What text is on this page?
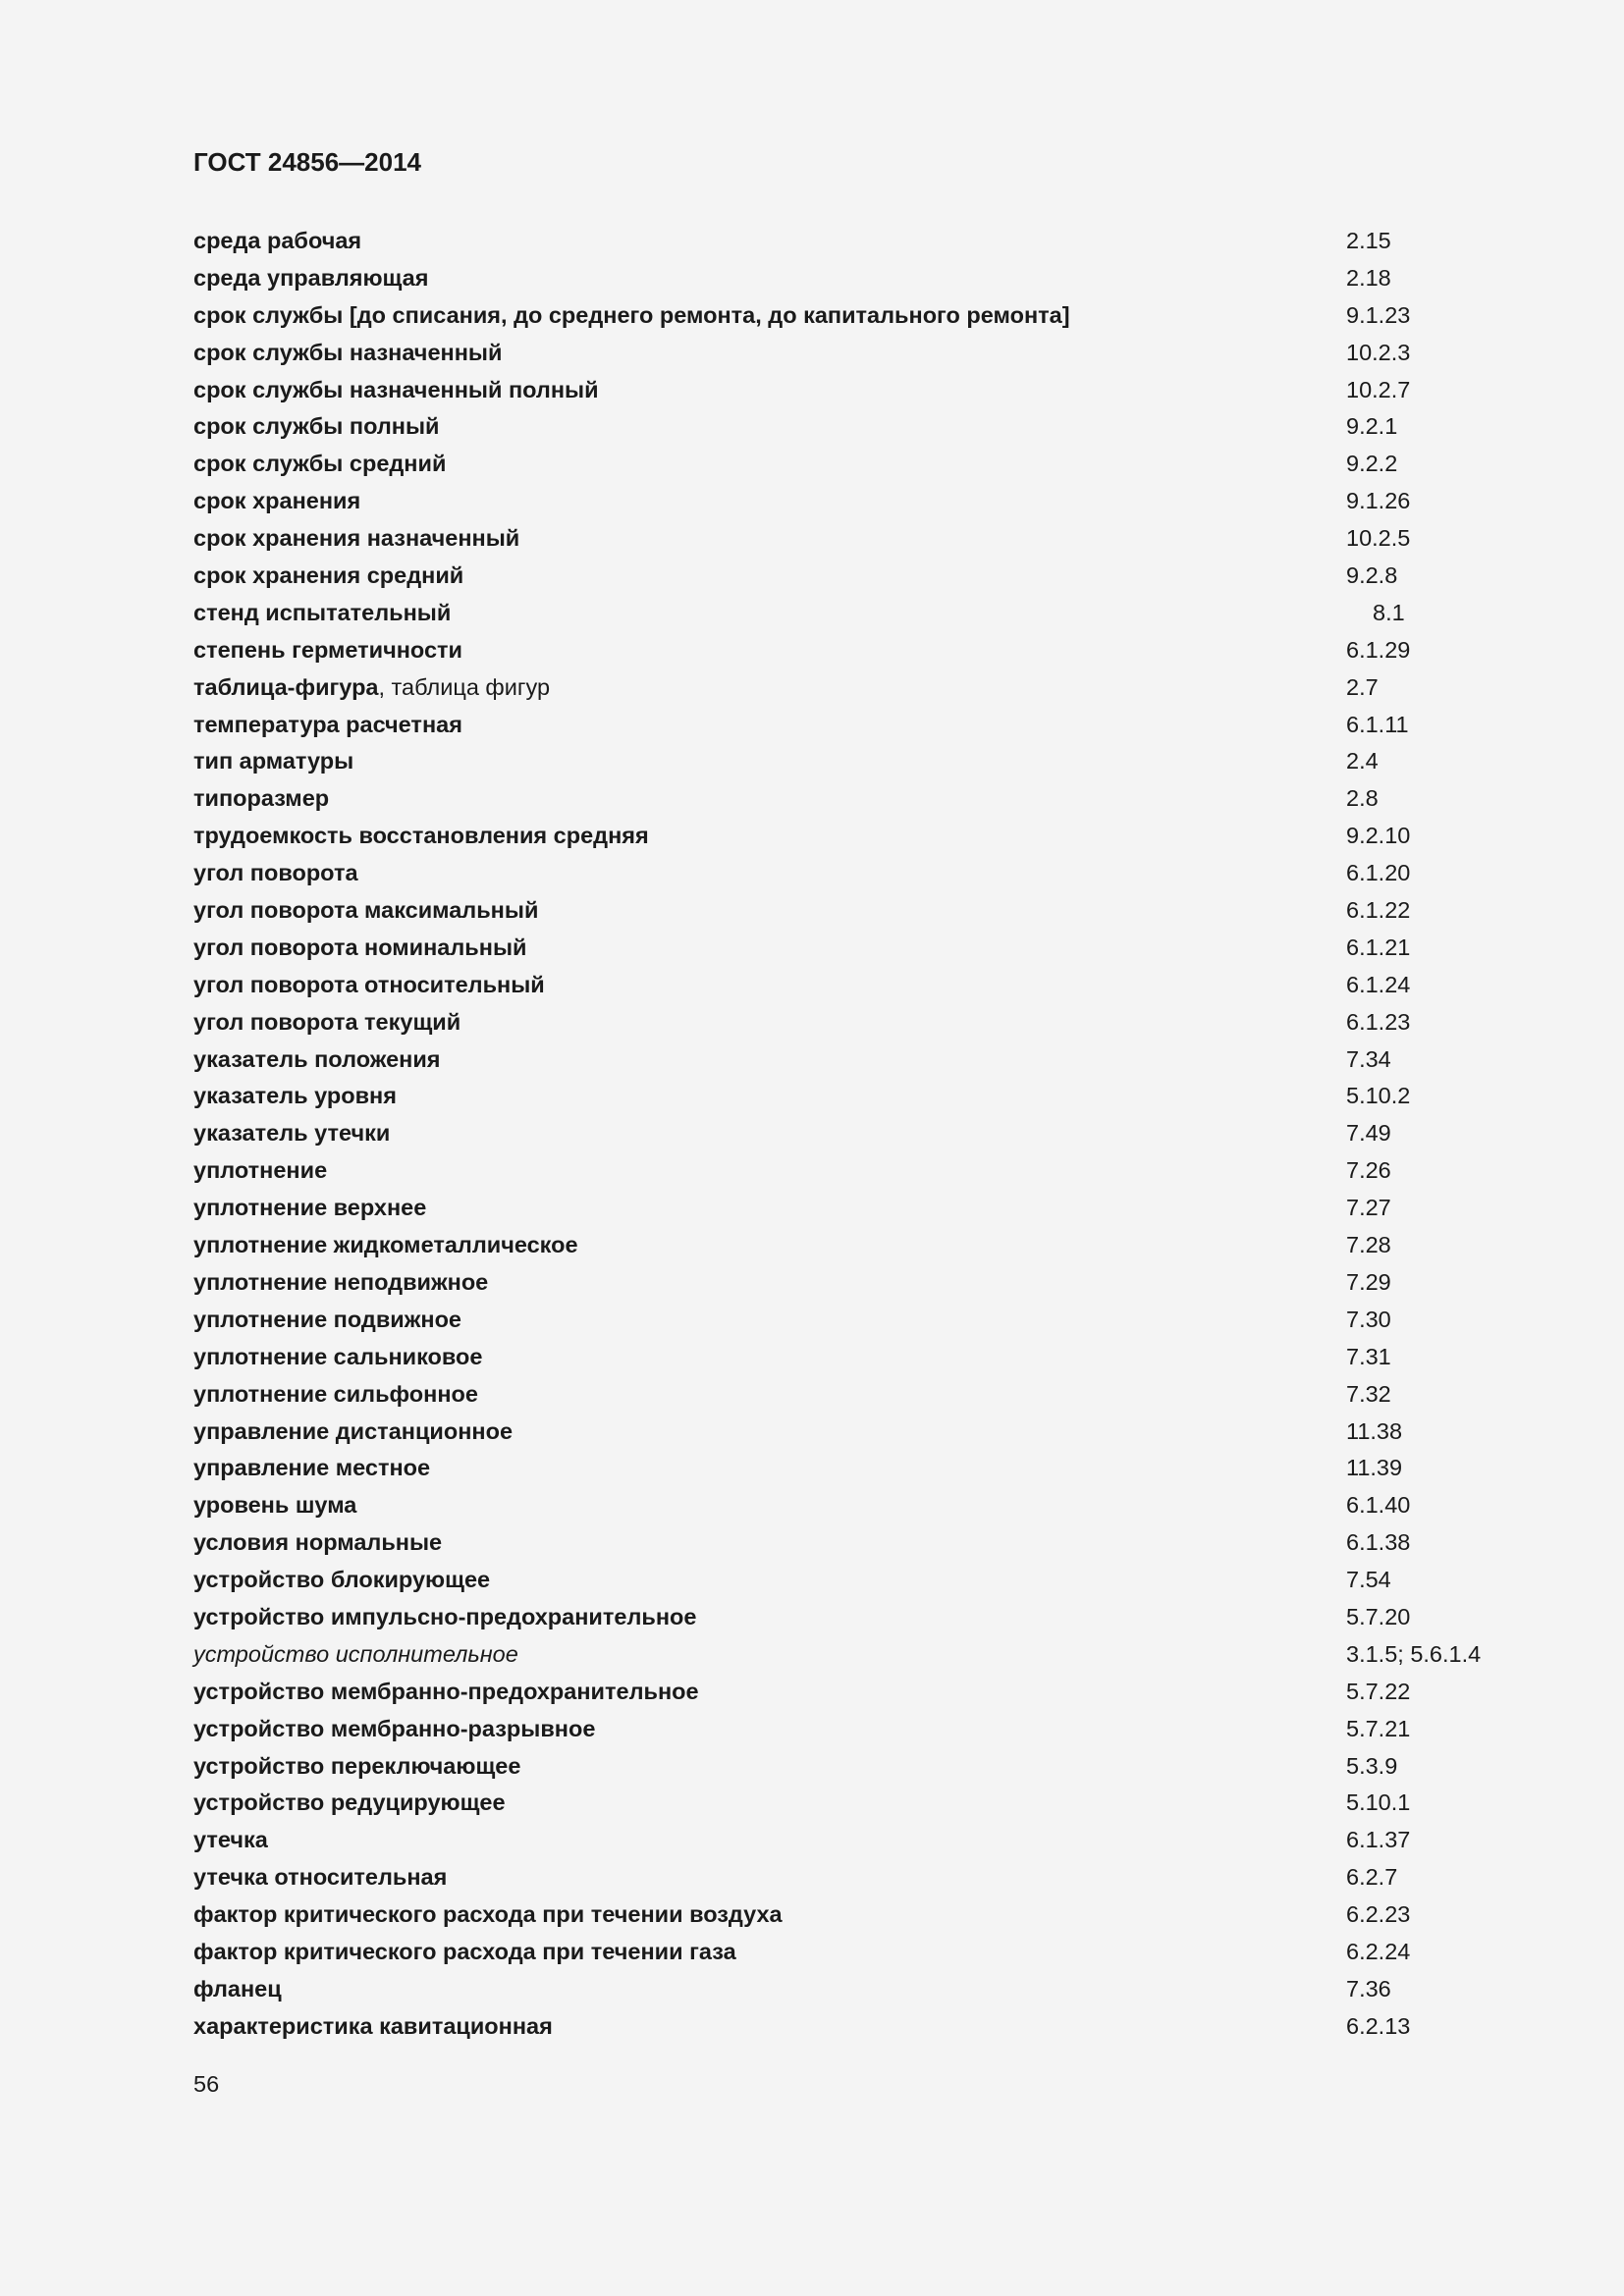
ГОСТ 24856—2014
среда рабочая	2.15
среда управляющая	2.18
срок службы [до списания, до среднего ремонта, до капитального ремонта]	9.1.23
срок службы назначенный	10.2.3
срок службы назначенный полный	10.2.7
срок службы полный	9.2.1
срок службы средний	9.2.2
срок хранения	9.1.26
срок хранения назначенный	10.2.5
срок хранения средний	9.2.8
стенд испытательный	8.1
степень герметичности	6.1.29
таблица-фигура, таблица фигур	2.7
температура расчетная	6.1.11
тип арматуры	2.4
типоразмер	2.8
трудоемкость восстановления средняя	9.2.10
угол поворота	6.1.20
угол поворота максимальный	6.1.22
угол поворота номинальный	6.1.21
угол поворота относительный	6.1.24
угол поворота текущий	6.1.23
указатель положения	7.34
указатель уровня	5.10.2
указатель утечки	7.49
уплотнение	7.26
уплотнение верхнее	7.27
уплотнение жидкометаллическое	7.28
уплотнение неподвижное	7.29
уплотнение подвижное	7.30
уплотнение сальниковое	7.31
уплотнение сильфонное	7.32
управление дистанционное	11.38
управление местное	11.39
уровень шума	6.1.40
условия нормальные	6.1.38
устройство блокирующее	7.54
устройство импульсно-предохранительное	5.7.20
устройство исполнительное	3.1.5; 5.6.1.4
устройство мембранно-предохранительное	5.7.22
устройство мембранно-разрывное	5.7.21
устройство переключающее	5.3.9
устройство редуцирующее	5.10.1
утечка	6.1.37
утечка относительная	6.2.7
фактор критического расхода при течении воздуха	6.2.23
фактор критического расхода при течении газа	6.2.24
фланец	7.36
характеристика кавитационная	6.2.13
56
